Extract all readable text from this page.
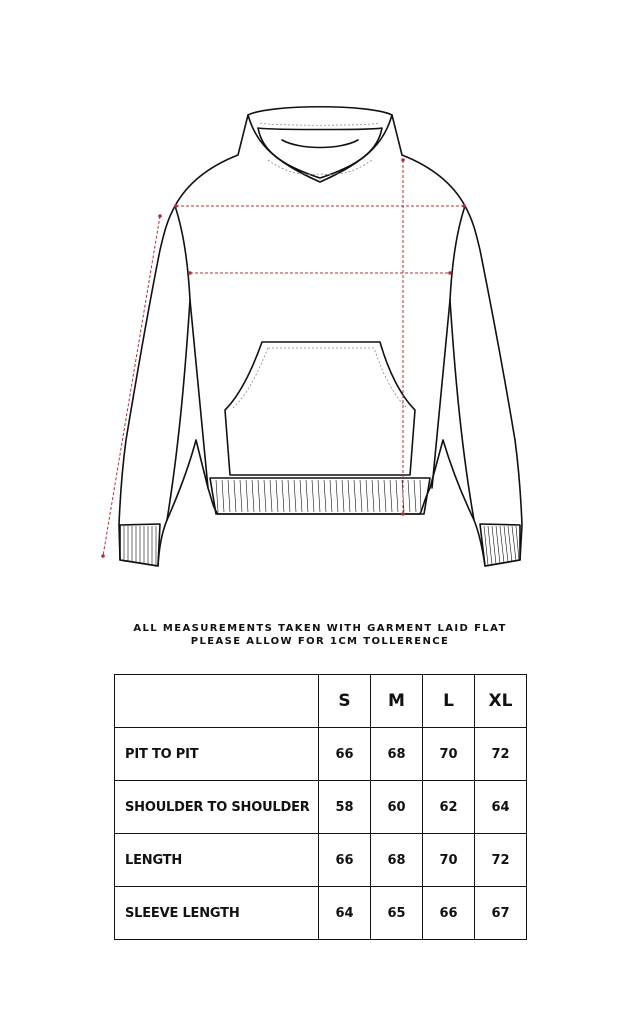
ALL MEASUREMENTS TAKEN WITH GARMENT LAID FLAT
PLEASE ALLOW FOR 1CM TOLLERENCE
	S	M	L	XL
PIT TO PIT	66	68	70	72
SHOULDER TO SHOULDER	58	60	62	64
LENGTH	66	68	70	72
SLEEVE LENGTH	64	65	66	67
